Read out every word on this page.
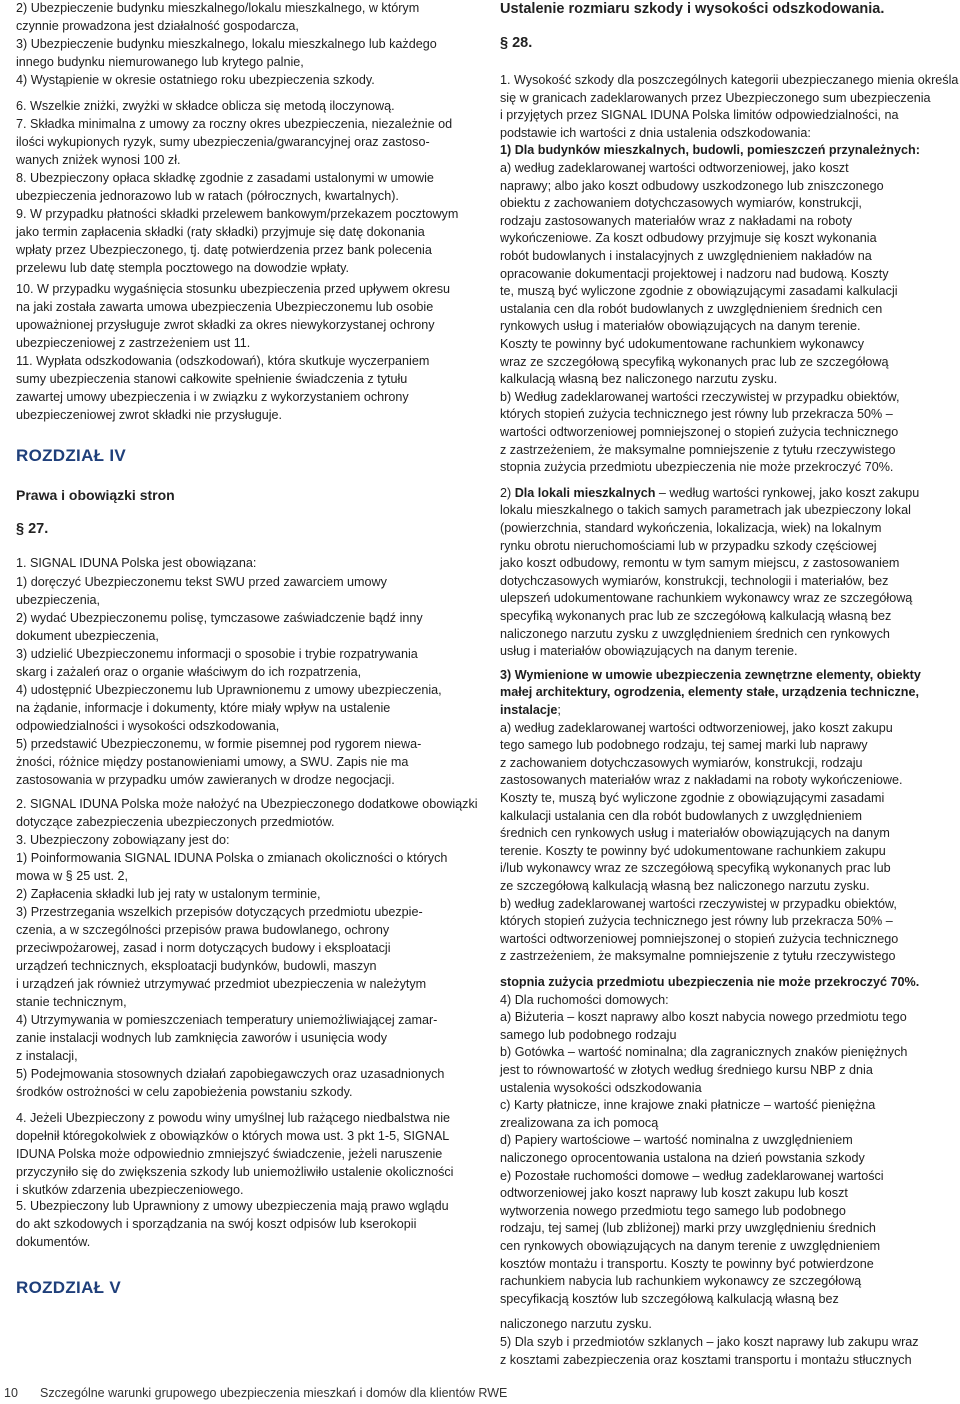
2) Ubezpieczenie budynku mieszkalnego/lokalu mieszkalnego, w którym
czynnie prowadzona jest działalność gospodarcza,
3) Ubezpieczenie budynku mieszkalnego, lokalu mieszkalnego lub każdego
innego budynku niemurowanego lub krytego palnie,
4) Wystąpienie w okresie ostatniego roku ubezpieczenia szkody.
6. Wszelkie zniżki, zwyżki w składce oblicza się metodą iloczynową.
7. Składka minimalna z umowy za roczny okres ubezpieczenia, niezależnie od
ilości wykupionych ryzyk, sumy ubezpieczenia/gwarancyjnej oraz zastoso-
wanych zniżek wynosi 100 zł.
8. Ubezpieczony opłaca składkę zgodnie z zasadami ustalonymi w umowie
ubezpieczenia jednorazowo lub w ratach (półrocznych, kwartalnych).
9. W przypadku płatności składki przelewem bankowym/przekazem pocztowym
jako termin zapłacenia składki (raty składki) przyjmuje się datę dokonania
wpłaty przez Ubezpieczonego, tj. datę potwierdzenia przez bank polecenia
przelewu lub datę stempla pocztowego na dowodzie wpłaty.
10. W przypadku wygaśnięcia stosunku ubezpieczenia przed upływem okresu
na jaki została zawarta umowa ubezpieczenia Ubezpieczonemu lub osobie
upoważnionej przysługuje zwrot składki za okres niewykorzystanej ochrony
ubezpieczeniowej z zastrzeżeniem ust 11.
11. Wypłata odszkodowania (odszkodowań), która skutkuje wyczerpaniem
sumy ubezpieczenia stanowi całkowite spełnienie świadczenia z tytułu
zawartej umowy ubezpieczenia i w związku z wykorzystaniem ochrony
ubezpieczeniowej zwrot składki nie przysługuje.
1. SIGNAL IDUNA Polska jest obowiązana:
1) doręczyć Ubezpieczonemu tekst SWU przed zawarciem umowy
ubezpieczenia,
2) wydać Ubezpieczonemu polisę, tymczasowe zaświadczenie bądź inny
dokument ubezpieczenia,
3) udzielić Ubezpieczonemu informacji o sposobie i trybie rozpatrywania
skarg i zażaleń oraz o organie właściwym do ich rozpatrzenia,
4) udostępnić Ubezpieczonemu lub Uprawnionemu z umowy ubezpieczenia,
na żądanie, informacje i dokumenty, które miały wpływ na ustalenie
odpowiedzialności i wysokości odszkodowania,
5) przedstawić Ubezpieczonemu, w formie pisemnej pod rygorem niewa-
żności, różnice między postanowieniami umowy, a SWU. Zapis nie ma
zastosowania w przypadku umów zawieranych w drodze negocjacji.
2. SIGNAL IDUNA Polska może nałożyć na Ubezpieczonego dodatkowe obowiązki
dotyczące zabezpieczenia ubezpieczonych przedmiotów.
3. Ubezpieczony zobowiązany jest do:
1) Poinformowania SIGNAL IDUNA Polska o zmianach okoliczności o których
mowa w § 25 ust. 2,
2) Zapłacenia składki lub jej raty w ustalonym terminie,
3) Przestrzegania wszelkich przepisów dotyczących przedmiotu ubezpie-
czenia, a w szczególności przepisów prawa budowlanego, ochrony
przeciwpożarowej, zasad i norm dotyczących budowy i eksploatacji
urządzeń technicznych, eksploatacji budynków, budowli, maszyn
i urządzeń jak również utrzymywać przedmiot ubezpieczenia w należytym
stanie technicznym,
4) Utrzymywania w pomieszczeniach temperatury uniemożliwiającej zamar-
zanie instalacji wodnych lub zamknięcia zaworów i usunięcia wody
z instalacji,
5) Podejmowania stosownych działań zapobiegawczych oraz uzasadnionych
środków ostrożności w celu zapobieżenia powstaniu szkody.
4. Jeżeli Ubezpieczony z powodu winy umyślnej lub rażącego niedbalstwa nie
dopełnił któregokolwiek z obowiązków o których mowa ust. 3 pkt 1-5, SIGNAL
IDUNA Polska może odpowiednio zmniejszyć świadczenie, jeżeli naruszenie
przyczyniło się do zwiększenia szkody lub uniemożliwiło ustalenie okoliczności
i skutków zdarzenia ubezpieczeniowego.
5. Ubezpieczony lub Uprawniony z umowy ubezpieczenia mają prawo wglądu
do akt szkodowych i sporządzania na swój koszt odpisów lub kserokopii
dokumentów.
1. Wysokość szkody dla poszczególnych kategorii ubezpieczanego mienia określa
się w granicach zadeklarowanych przez Ubezpieczonego sum ubezpieczenia
i przyjętych przez SIGNAL IDUNA Polska limitów odpowiedzialności, na
podstawie ich wartości z dnia ustalenia odszkodowania:
1) Dla budynków mieszkalnych, budowli, pomieszczeń przynależnych:
a) według zadeklarowanej wartości odtworzeniowej, jako koszt
naprawy; albo jako koszt odbudowy uszkodzonego lub zniszczonego
obiektu z zachowaniem dotychczasowych wymiarów, konstrukcji,
rodzaju zastosowanych materiałów wraz z nakładami na roboty
wykończeniowe. Za koszt odbudowy przyjmuje się koszt wykonania
robót budowlanych i instalacyjnych z uwzględnieniem nakładów na
opracowanie dokumentacji projektowej i nadzoru nad budową. Koszty
te, muszą być wyliczone zgodnie z obowiązującymi zasadami kalkulacji
ustalania cen dla robót budowlanych z uwzględnieniem średnich cen
rynkowych usług i materiałów obowiązujących na danym terenie.
Koszty te powinny być udokumentowane rachunkiem wykonawcy
wraz ze szczegółową specyfiką wykonanych prac lub ze szczegółową
kalkulacją własną bez naliczonego narzutu zysku.
b) Według zadeklarowanej wartości rzeczywistej w przypadku obiektów,
których stopień zużycia technicznego jest równy lub przekracza 50% –
wartości odtworzeniowej pomniejszonej o stopień zużycia technicznego
z zastrzeżeniem, że maksymalne pomniejszenie z tytułu rzeczywistego
stopnia zużycia przedmiotu ubezpieczenia nie może przekroczyć 70%.
2) Dla lokali mieszkalnych – według wartości rynkowej, jako koszt zakupu
lokalu mieszkalnego o takich samych parametrach jak ubezpieczony lokal
(powierzchnia, standard wykończenia, lokalizacja, wiek) na lokalnym
rynku obrotu nieruchomościami lub w przypadku szkody częściowej
jako koszt odbudowy, remontu w tym samym miejscu, z zastosowaniem
dotychczasowych wymiarów, konstrukcji, technologii i materiałów, bez
ulepszeń udokumentowane rachunkiem wykonawcy wraz ze szczegółową
specyfiką wykonanych prac lub ze szczegółową kalkulacją własną bez
naliczonego narzutu zysku z uwzględnieniem średnich cen rynkowych
usług i materiałów obowiązujących na danym terenie.
3) Wymienione w umowie ubezpieczenia zewnętrzne elementy, obiekty
małej architektury, ogrodzenia, elementy stałe, urządzenia techniczne,
instalacje;
a) według zadeklarowanej wartości odtworzeniowej, jako koszt zakupu
tego samego lub podobnego rodzaju, tej samej marki lub naprawy
z zachowaniem dotychczasowych wymiarów, konstrukcji, rodzaju
zastosowanych materiałów wraz z nakładami na roboty wykończeniowe.
Koszty te, muszą być wyliczone zgodnie z obowiązującymi zasadami
kalkulacji ustalania cen dla robót budowlanych z uwzględnieniem
średnich cen rynkowych usług i materiałów obowiązujących na danym
terenie. Koszty te powinny być udokumentowane rachunkiem zakupu
i/lub wykonawcy wraz ze szczegółową specyfiką wykonanych prac lub
ze szczegółową kalkulacją własną bez naliczonego narzutu zysku.
b) według zadeklarowanej wartości rzeczywistej w przypadku obiektów,
których stopień zużycia technicznego jest równy lub przekracza 50% –
wartości odtworzeniowej pomniejszonej o stopień zużycia technicznego
z zastrzeżeniem, że maksymalne pomniejszenie z tytułu rzeczywistego
stopnia zużycia przedmiotu ubezpieczenia nie może przekroczyć 70%.
4) Dla ruchomości domowych:
a) Biżuteria – koszt naprawy albo koszt nabycia nowego przedmiotu tego
samego lub podobnego rodzaju
b) Gotówka – wartość nominalna; dla zagranicznych znaków pieniężnych
jest to równowartość w złotych według średniego kursu NBP z dnia
ustalenia wysokości odszkodowania
c) Karty płatnicze, inne krajowe znaki płatnicze – wartość pieniężna
zrealizowana za ich pomocą
d) Papiery wartościowe – wartość nominalna z uwzględnieniem
naliczonego oprocentowania ustalona na dzień powstania szkody
e) Pozostałe ruchomości domowe – według zadeklarowanej wartości
odtworzeniowej jako koszt naprawy lub koszt zakupu lub koszt
wytworzenia nowego przedmiotu tego samego lub podobnego
rodzaju, tej samej (lub zbliżonej) marki przy uwzględnieniu średnich
cen rynkowych obowiązujących na danym terenie z uwzględnieniem
kosztów montażu i transportu. Koszty te powinny być potwierdzone
rachunkiem nabycia lub rachunkiem wykonawcy ze szczegółową
specyfikacją kosztów lub szczegółową kalkulacją własną bez
naliczonego narzutu zysku.
5) Dla szyb i przedmiotów szklanych – jako koszt naprawy lub zakupu wraz
z kosztami zabezpieczenia oraz kosztami transportu i montażu stłucznych
ROZDZIAŁ IV
Prawa i obowiązki stron
§ 27.
ROZDZIAŁ V
Ustalenie rozmiaru szkody i wysokości odszkodowania.
§ 28.
10 Szczególne warunki grupowego ubezpieczenia mieszkań i domów dla klientów RWE
